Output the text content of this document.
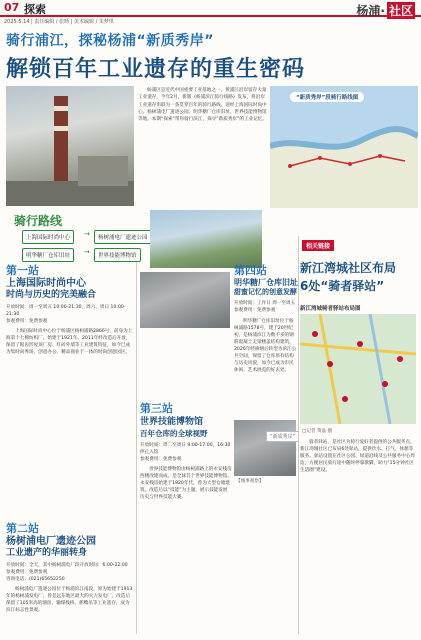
07 探索	杨浦· 社区
2025.5.14 | 责任编辑 / 张旸 | 美术编辑 / 朱梦琪
骑行浦江，探秘杨浦“新质秀岸”
解锁百年工业遗存的重生密码
杨浦区是近代中国重要工业基地之一，黄浦江沿岸留存大量工业遗存，今年2月，新版《杨浦滨江骑行线路》发布，将沿岸工业遗存串联为一条贯穿百年的骑行路线，途经上海国际时尚中心、杨树浦电厂遗迹公园、明华糖厂仓库旧址、世界技能博物馆等地。本期“探索”带你骑行滨江，探寻“新质秀岸”的工业记忆。
“新质秀岸”段骑行路线图
骑行路线
上海国际时尚中心	→	杨树浦电厂遗迹公园
明华糖厂仓库旧址	→	世界技能博物馆
第一站
上海国际时尚中心
时尚与历史的完美融合
开放时间：周一至周五 10:00-21:30，周六、周日 10:00-21:30
参观费用：免费参观
上海国际时尚中心位于杨浦区杨树浦路2866号，前身为上海第十七棉纺织厂，始建于1921年。2011年经改造后开放，保留了锯齿形屋顶厂房、红砖外墙等工业建筑特征，如今已成为集时尚秀场、创意办公、精品商业于一体的时尚创意园区。
第四站
明华糖厂仓库旧址
甜蜜记忆的创意发酵
开放时间：工作日 周一至周五
参观费用：免费参观
明华糖厂仓库旧址位于杨树浦路1578号，建于20世纪初，是杨浦滨江为数不多的钢筋混凝土无梁楼盖结构建筑。2020年经修缮后转型为滨江公共空间，保留了仓库原有结构与历史风貌，如今已成为市民休闲、艺术展览的好去处。
第三站
世界技能博物馆
百年仓库的全球视野
开放时间：周二至周日 9:00-17:00，16:30停止入馆
参观费用：免费参观
世界技能博物馆由杨树浦路上的永安栈房西楼改建而成，是全球首个世界技能博物馆。永安栈房始建于1920年代，曾为大型仓储建筑，改造后以“技能”为主题，展示技能发展历史与世界技能大赛。
“新质秀岸”
【城事观察】
第二站
杨树浦电厂遗迹公园
工业遗产的华丽转身
开放时间：全天，其中杨树浦电厂段开放时间：6:00-22:00
参观费用：免费参观
咨询电话：(021)65652250
杨树浦电厂遗迹公园位于杨浦滨江南段，原为始建于1913年的杨树浦发电厂，曾是远东地区最大的火力发电厂。改造后保留了105米高的烟囱、输煤栈桥、鹤嘴吊等工业遗存，成为滨江标志性景观。
相关链接
新江湾城社区布局
6处“骑者驿站”
新江湾城骑者驿站布局图
□记者 黄晶 摄
骑者驿站，是社区为骑行爱好者提供的公共服务点，新江湾城社区已布局6处驿站，提供饮水、打气、休憩等服务。驿站设置在社区公园、绿道沿线及公共服务中心周边，方便居民骑行途中随时停靠歇脚，助力“15分钟社区生活圈”建设。
